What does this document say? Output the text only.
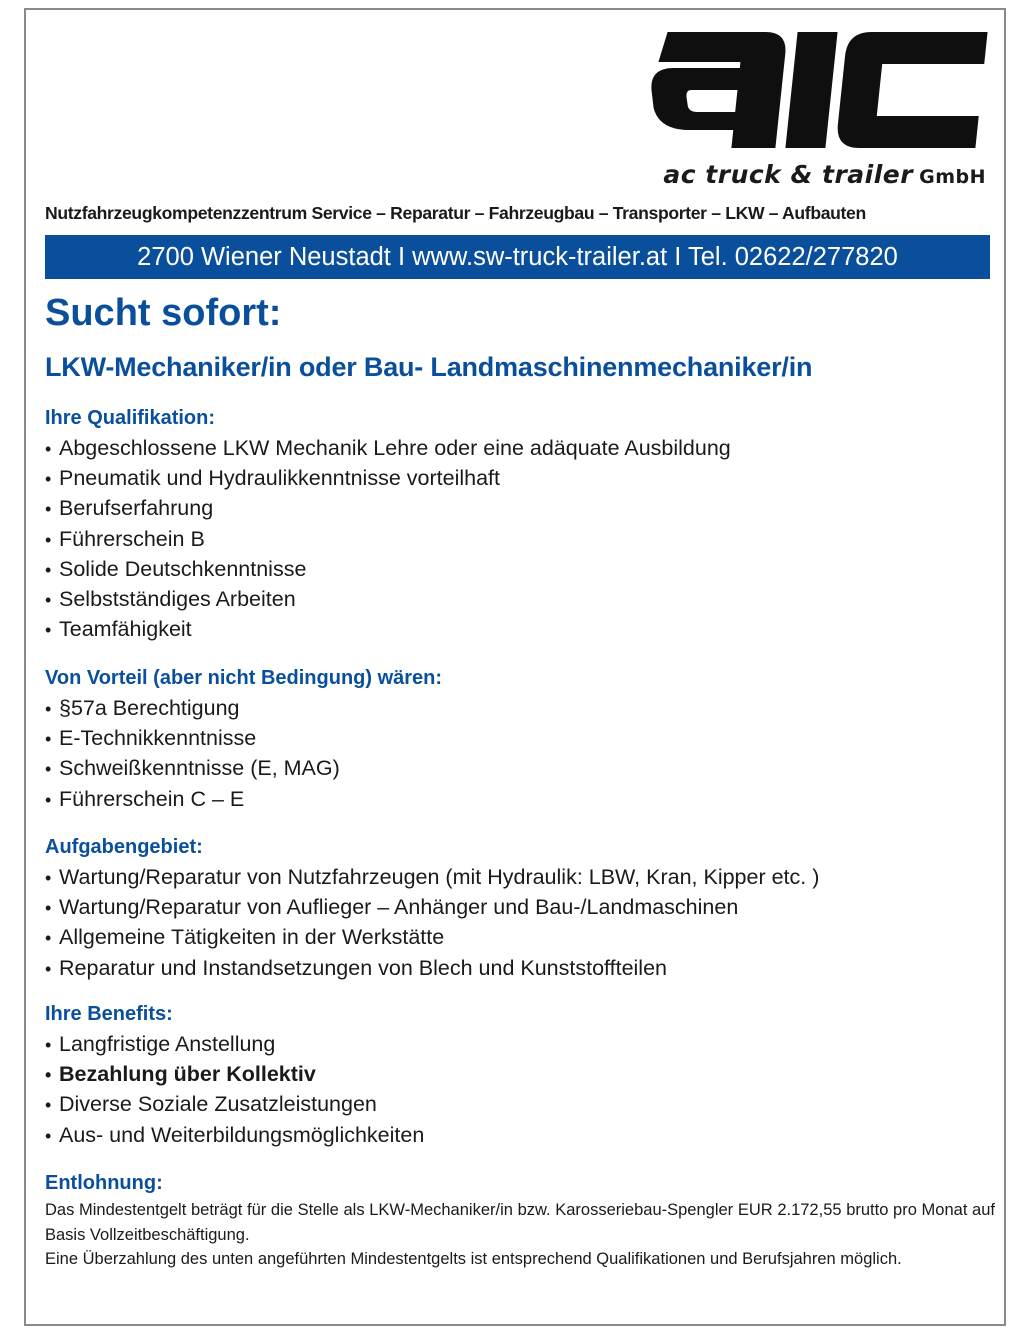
ac truck & trailer GmbH
Nutzfahrzeugkompetenzzentrum Service – Reparatur – Fahrzeugbau – Transporter – LKW – Aufbauten
2700 Wiener Neustadt I www.sw-truck-trailer.at I Tel. 02622/277820
Sucht sofort:
LKW-Mechaniker/in oder Bau- Landmaschinenmechaniker/in
Ihre Qualifikation:
• Abgeschlossene LKW Mechanik Lehre oder eine adäquate Ausbildung
• Pneumatik und Hydraulikkenntnisse vorteilhaft
• Berufserfahrung
• Führerschein B
• Solide Deutschkenntnisse
• Selbstständiges Arbeiten
• Teamfähigkeit
Von Vorteil (aber nicht Bedingung) wären:
• §57a Berechtigung
• E-Technikkenntnisse
• Schweißkenntnisse (E, MAG)
• Führerschein C – E
Aufgabengebiet:
• Wartung/Reparatur von Nutzfahrzeugen (mit Hydraulik: LBW, Kran, Kipper etc. )
• Wartung/Reparatur von Auflieger – Anhänger und Bau-/Landmaschinen
• Allgemeine Tätigkeiten in der Werkstätte
• Reparatur und Instandsetzungen von Blech und Kunststoffteilen
Ihre Benefits:
• Langfristige Anstellung
• Bezahlung über Kollektiv
• Diverse Soziale Zusatzleistungen
• Aus- und Weiterbildungsmöglichkeiten
Entlohnung:
Das Mindestentgelt beträgt für die Stelle als LKW-Mechaniker/in bzw. Karosseriebau-Spengler EUR 2.172,55 brutto pro Monat auf Basis Vollzeitbeschäftigung.
Eine Überzahlung des unten angeführten Mindestentgelts ist entsprechend Qualifikationen und Berufsjahren möglich.
